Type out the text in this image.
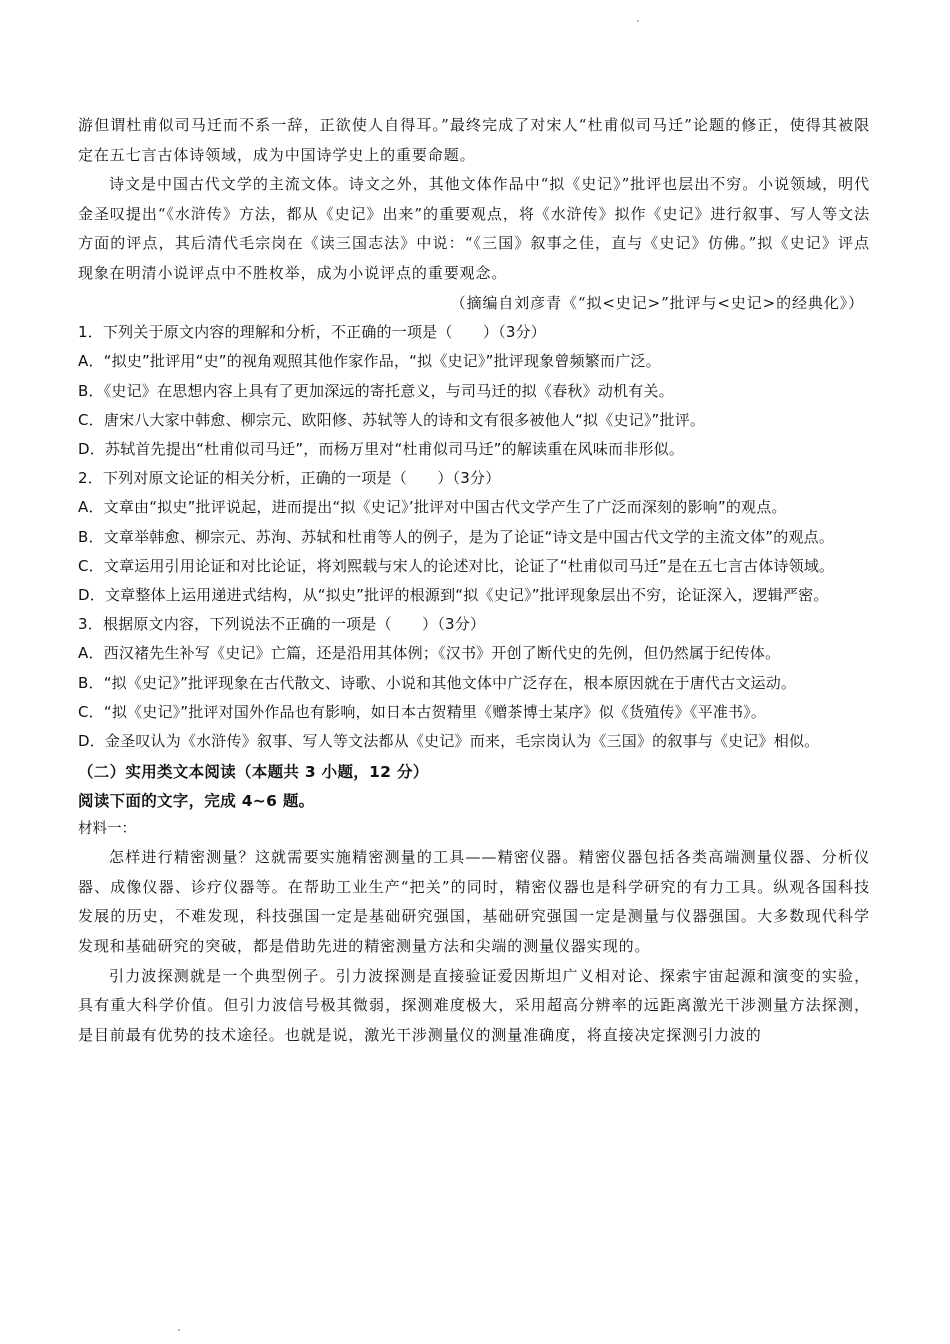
游但谓杜甫似司马迁而不系一辞，正欲使人自得耳。”最终完成了对宋人“杜甫似司马迁”论题的修正，使得其被限定在五七言古体诗领域，成为中国诗学史上的重要命题。

诗文是中国古代文学的主流文体。诗文之外，其他文体作品中“拟《史记》”批评也层出不穷。小说领域，明代金圣叹提出“《水浒传》方法，都从《史记》出来”的重要观点，将《水浒传》拟作《史记》进行叙事、写人等文法方面的评点，其后清代毛宗岗在《读三国志法》中说：“《三国》叙事之佳，直与《史记》仿佛。”拟《史记》评点现象在明清小说评点中不胜枚举，成为小说评点的重要观念。

（摘编自刘彦青《“拟<史记>”批评与<史记>的经典化》）

1．下列关于原文内容的理解和分析，不正确的一项是（　　）（3分）

A．“拟史”批评用“史”的视角观照其他作家作品，“拟《史记》”批评现象曾频繁而广泛。

B．《史记》在思想内容上具有了更加深远的寄托意义，与司马迁的拟《春秋》动机有关。

C．唐宋八大家中韩愈、柳宗元、欧阳修、苏轼等人的诗和文有很多被他人“拟《史记》”批评。

D．苏轼首先提出“杜甫似司马迁”，而杨万里对“杜甫似司马迁”的解读重在风味而非形似。

2．下列对原文论证的相关分析，正确的一项是（　　）（3分）

A．文章由“拟史”批评说起，进而提出“拟《史记》’批评对中国古代文学产生了广泛而深刻的影响”的观点。

B．文章举韩愈、柳宗元、苏洵、苏轼和杜甫等人的例子，是为了论证“诗文是中国古代文学的主流文体”的观点。

C．文章运用引用论证和对比论证，将刘熙载与宋人的论述对比，论证了“杜甫似司马迁”是在五七言古体诗领域。

D．文章整体上运用递进式结构，从“拟史”批评的根源到“拟《史记》”批评现象层出不穷，论证深入，逻辑严密。

3．根据原文内容，下列说法不正确的一项是（　　）（3分）

A．西汉褚先生补写《史记》亡篇，还是沿用其体例；《汉书》开创了断代史的先例，但仍然属于纪传体。

B．“拟《史记》”批评现象在古代散文、诗歌、小说和其他文体中广泛存在，根本原因就在于唐代古文运动。

C．“拟《史记》”批评对国外作品也有影响，如日本古贺精里《赠茶博士某序》似《货殖传》《平准书》。

D．金圣叹认为《水浒传》叙事、写人等文法都从《史记》而来，毛宗岗认为《三国》的叙事与《史记》相似。

（二）实用类文本阅读（本题共 3 小题，12 分）

阅读下面的文字，完成 4~6 题。

材料一：

怎样进行精密测量？这就需要实施精密测量的工具——精密仪器。精密仪器包括各类高端测量仪器、分析仪器、成像仪器、诊疗仪器等。在帮助工业生产“把关”的同时，精密仪器也是科学研究的有力工具。纵观各国科技发展的历史，不难发现，科技强国一定是基础研究强国，基础研究强国一定是测量与仪器强国。大多数现代科学发现和基础研究的突破，都是借助先进的精密测量方法和尖端的测量仪器实现的。

引力波探测就是一个典型例子。引力波探测是直接验证爱因斯坦广义相对论、探索宇宙起源和演变的实验，具有重大科学价值。但引力波信号极其微弱，探测难度极大，采用超高分辨率的远距离激光干涉测量方法探测，是目前最有优势的技术途径。也就是说，激光干涉测量仪的测量准确度，将直接决定探测引力波的
